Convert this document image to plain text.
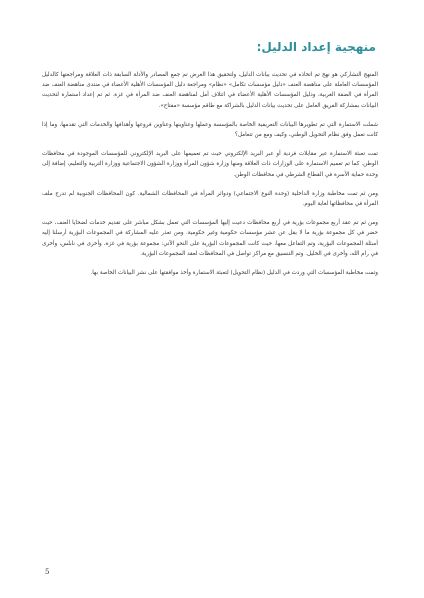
منهجية إعداد الدليل:

المنهج التشاركي هو نهج تم اتخاذه في تحديث بيانات الدليل، ولتحقيق هذا الغرض تم جمع المصادر والأدلة السابقة ذات العلاقة ومراجعتها كالدليل المؤسسات العاملة على مناهضة العنف «دليل مؤسسات تكامل» «نظام» ومراجعة دليل المؤسسات الأهلية الأعضاء في منتدى مناهضة العنف ضد المرأة في الضفة الغربية، ودليل المؤسسات الأهلية الأعضاء في ائتلاف أمل لمناهضة العنف ضد المرأة في غزة. ثم تم إعداد استمارة لتحديث البيانات بمشاركة الفريق العامل على تحديث بيانات الدليل بالشراكة مع طاقم مؤسسة «مفتاح».

شملت الاستمارة التي تم تطويرها البيانات التعريفية الخاصة بالمؤسسة وعملها وعناوينها وعناوين فروعها وأهدافها والخدمات التي تقدمها، وما إذا كانت تعمل وفق نظام التحويل الوطني، وكيف ومع من تتعامل؟

تمت تعبئة الاستمارة عبر مقابلات فردية أو عبر البريد الإلكتروني حيث تم تعميمها على البريد الإلكتروني للمؤسسات الموجودة في محافظات الوطن. كما تم تعميم الاستمارة على الوزارات ذات العلاقة ومنها وزارة شؤون المرأة ووزارة الشؤون الاجتماعية ووزارة التربية والتعليم، إضافة إلى وحدة حماية الأسرة في القطاع الشرطي في محافظات الوطن.

ومن ثم تمت مخاطبة وزارة الداخلية (وحدة النوع الاجتماعي) ودوائر المرأة في المحافظات الشمالية. كون المحافظات الجنوبية لم تدرج ملف المرأة في محافظاتها لغاية اليوم.

ومن ثم تم عقد أربع مجموعات بؤرية في أربع محافظات دعيت إليها المؤسسات التي تعمل بشكل مباشر على تقديم خدمات لضحايا العنف، حيث حضر في كل مجموعة بؤرية ما لا يقل عن عشر مؤسسات حكومية وغير حكومية. ومن تعذر عليه المشاركة في المجموعات البؤرية أرسلنا إليه أسئلة المجموعات البؤرية، وتم التفاعل معها، حيث كانت المجموعات البؤرية على النحو الآتي: مجموعة بؤرية في غزة، وأخرى في نابلس، وأخرى في رام الله، وأخرى في الخليل. وتم التنسيق مع مراكز تواصل في المحافظات لعقد المجموعات البؤرية.

وتمت مخاطبة المؤسسات التي وردت في الدليل (نظام التحويل) لتعبئة الاستمارة وأخذ موافقتها على نشر البيانات الخاصة بها.

5
